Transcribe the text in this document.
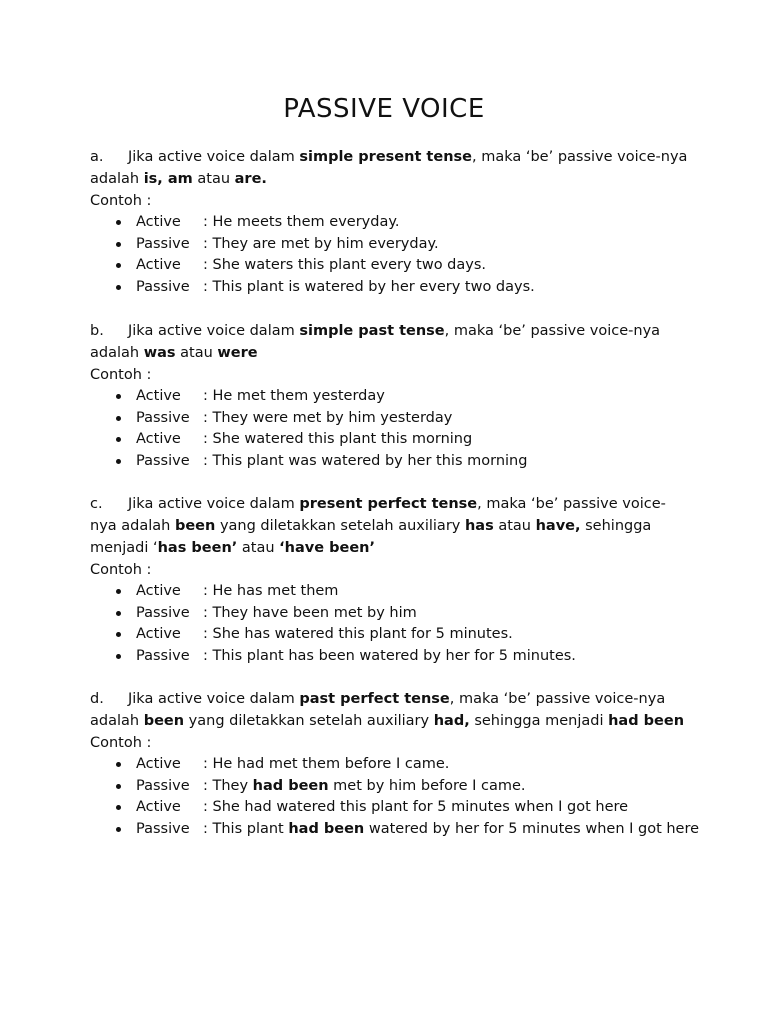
PASSIVE VOICE

a. Jika active voice dalam simple present tense, maka ‘be’ passive voice-nya adalah is, am atau are.

Contoh :

Active : He meets them everyday.
Passive : They are met by him everyday.
Active : She waters this plant every two days.
Passive : This plant is watered by her every two days.

b. Jika active voice dalam simple past tense, maka ‘be’ passive voice-nya adalah was atau were

Contoh :

Active : He met them yesterday
Passive : They were met by him yesterday
Active : She watered this plant this morning
Passive : This plant was watered by her this morning

c. Jika active voice dalam present perfect tense, maka ‘be’ passive voice-nya adalah been yang diletakkan setelah auxiliary has atau have, sehingga menjadi ‘has been’ atau ‘have been’

Contoh :

Active : He has met them
Passive : They have been met by him
Active : She has watered this plant for 5 minutes.
Passive : This plant has been watered by her for 5 minutes.

d. Jika active voice dalam past perfect tense, maka ‘be’ passive voice-nya adalah been yang diletakkan setelah auxiliary had, sehingga menjadi had been

Contoh :

Active : He had met them before I came.
Passive : They had been met by him before I came.
Active : She had watered this plant for 5 minutes when I got here
Passive : This plant had been watered by her for 5 minutes when I got here
